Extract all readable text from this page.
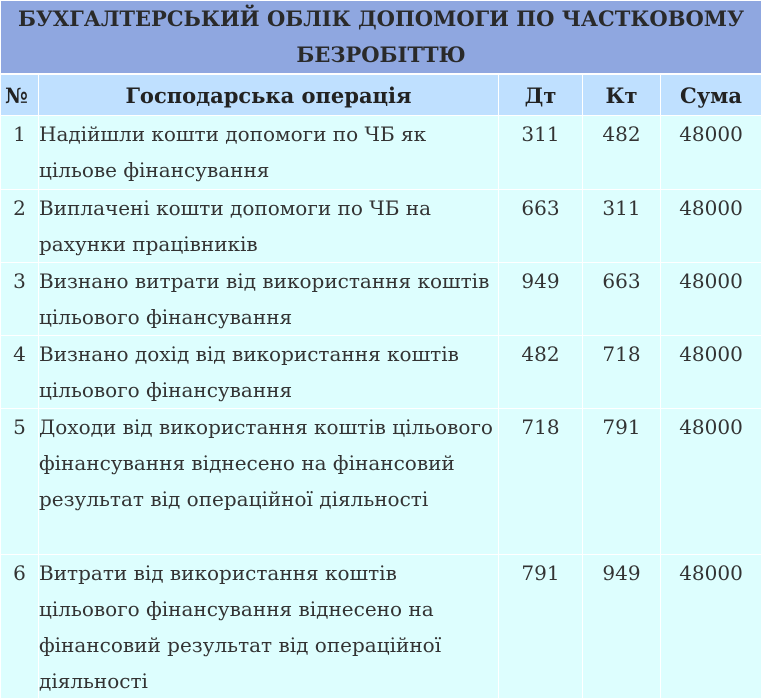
БУХГАЛТЕРСЬКИЙ ОБЛІК ДОПОМОГИ ПО ЧАСТКОВОМУ БЕЗРОБІТТЮ				
№	Господарська операція	Дт	Кт	Сума
1	Надійшли кошти допомоги по ЧБ як цільове фінансування	311	482	48000
2	Виплачені кошти допомоги по ЧБ на рахунки працівників	663	311	48000
3	Визнано витрати від використання коштів цільового фінансування	949	663	48000
4	Визнано дохід від використання коштів цільового фінансування	482	718	48000
5	Доходи від використання коштів цільового фінансування віднесено на фінансовий результат від операційної діяльності	718	791	48000
6	Витрати від використання коштів цільового фінансування віднесено на фінансовий результат від операційної діяльності	791	949	48000
